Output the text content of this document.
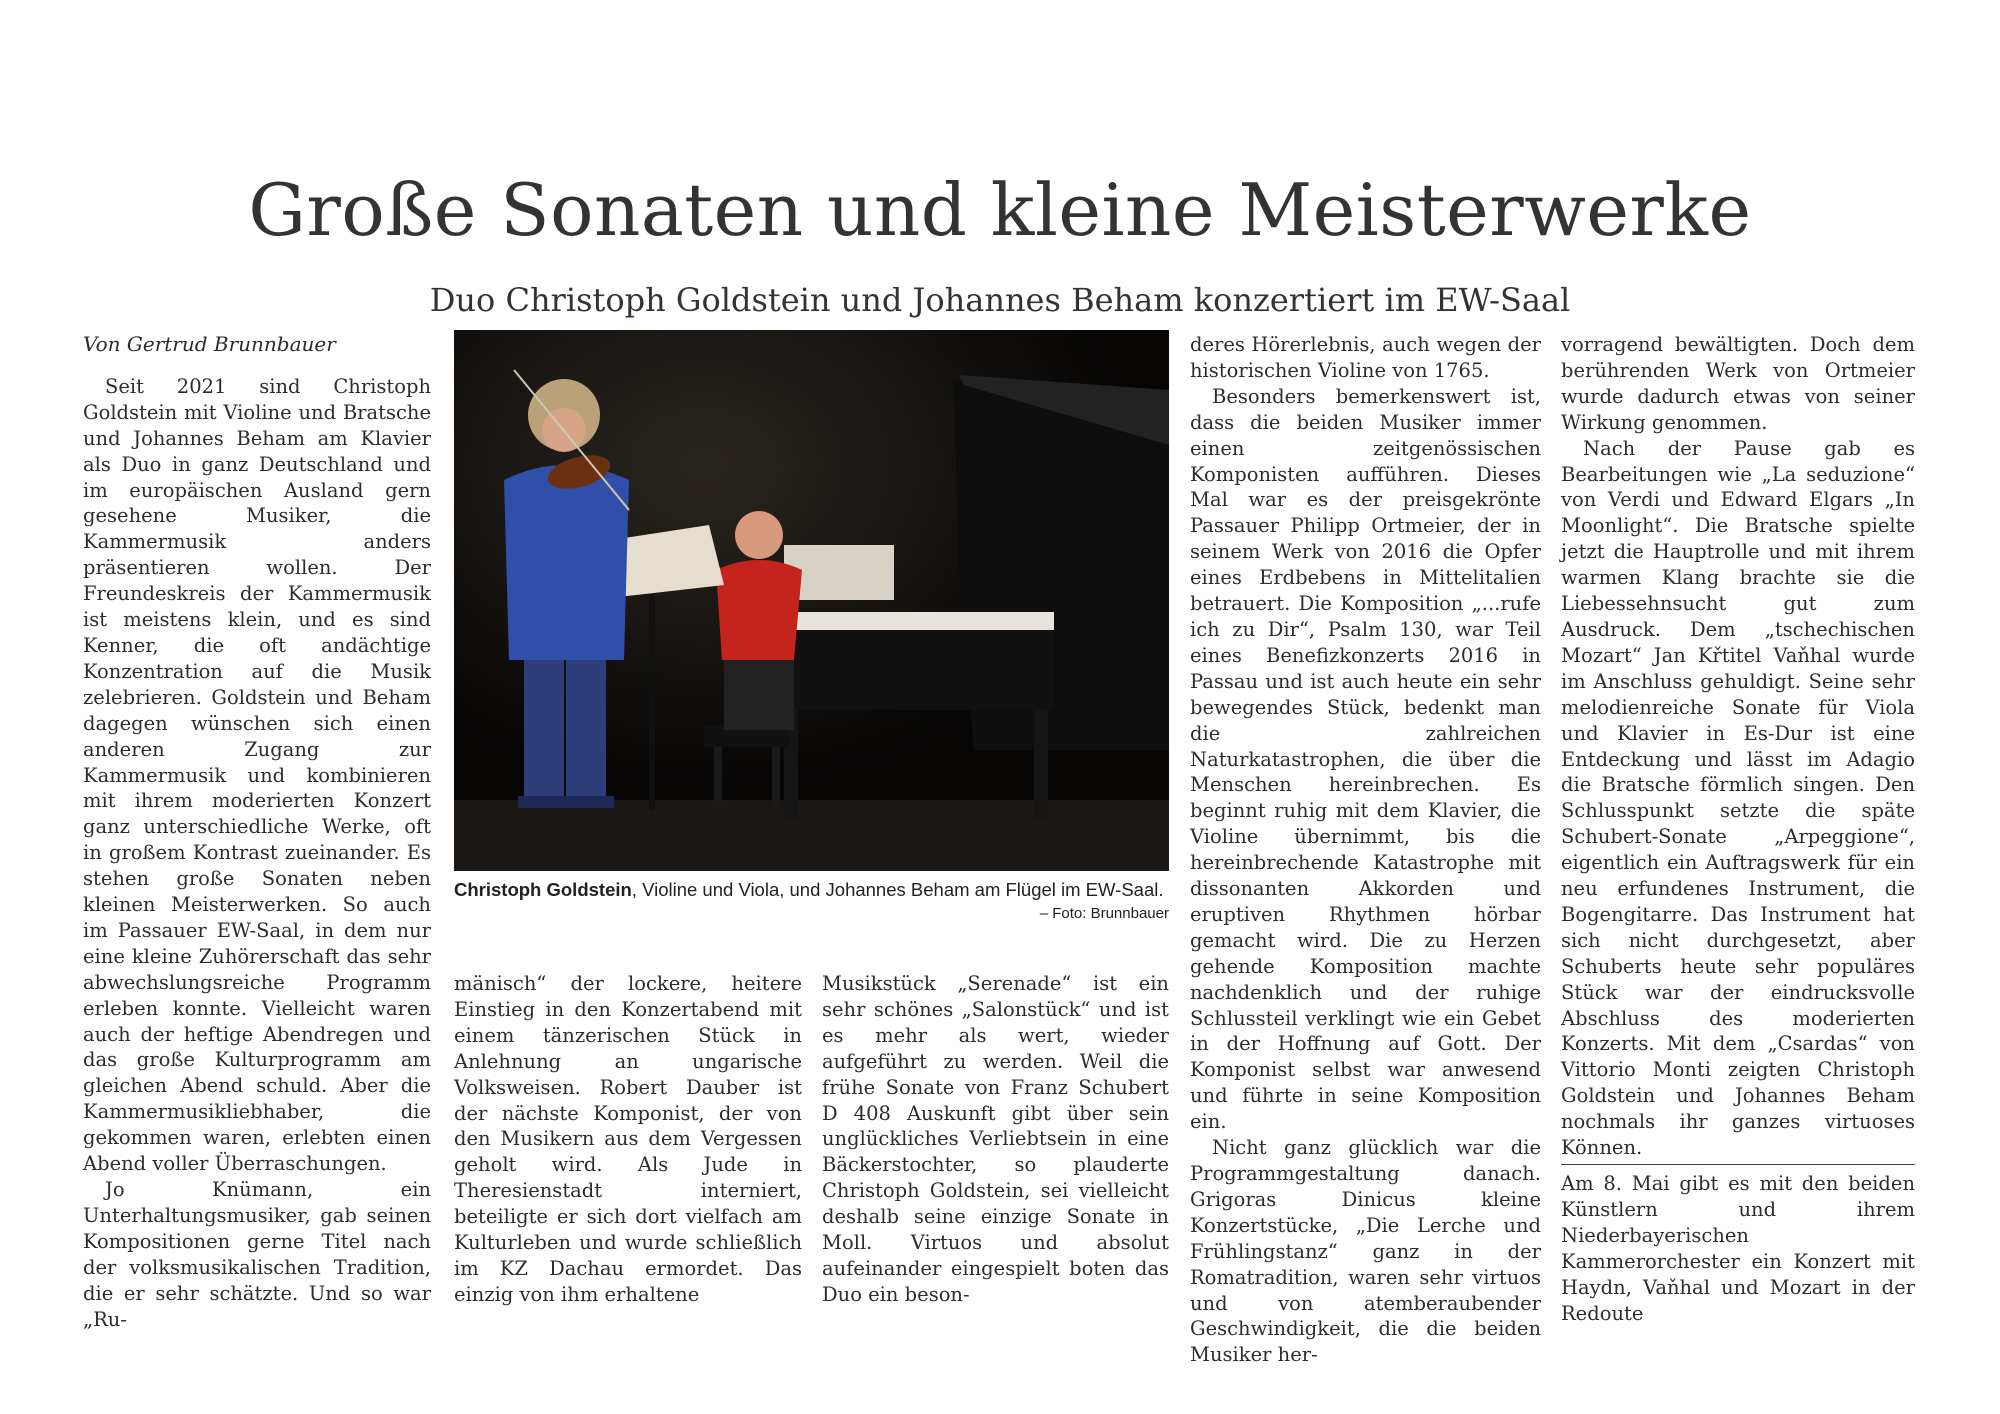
Große Sonaten und kleine Meisterwerke
Duo Christoph Goldstein und Johannes Beham konzertiert im EW-Saal

Von Gertrud Brunnbauer

Seit 2021 sind Christoph Goldstein mit Violine und Bratsche und Johannes Beham am Klavier als Duo in ganz Deutschland und im europäischen Ausland gern gesehene Musiker, die Kammermusik anders präsentieren wollen. Der Freundeskreis der Kammermusik ist meistens klein, und es sind Kenner, die oft andächtige Konzentration auf die Musik zelebrieren. Goldstein und Beham dagegen wünschen sich einen anderen Zugang zur Kammermusik und kombinieren mit ihrem moderierten Konzert ganz unterschiedliche Werke, oft in großem Kontrast zueinander. Es stehen große Sonaten neben kleinen Meisterwerken. So auch im Passauer EW-Saal, in dem nur eine kleine Zuhörerschaft das sehr abwechslungsreiche Programm erleben konnte. Vielleicht waren auch der heftige Abendregen und das große Kulturprogramm am gleichen Abend schuld. Aber die Kammermusikliebhaber, die gekommen waren, erlebten einen Abend voller Überraschungen.

Jo Knümann, ein Unterhaltungsmusiker, gab seinen Kompositionen gerne Titel nach der volksmusikalischen Tradition, die er sehr schätzte. Und so war „Ru-

Christoph Goldstein, Violine und Viola, und Johannes Beham am Flügel im EW-Saal.
– Foto: Brunnbauer

mänisch“ der lockere, heitere Einstieg in den Konzertabend mit einem tänzerischen Stück in Anlehnung an ungarische Volksweisen. Robert Dauber ist der nächste Komponist, der von den Musikern aus dem Vergessen geholt wird. Als Jude in Theresienstadt interniert, beteiligte er sich dort vielfach am Kulturleben und wurde schließlich im KZ Dachau ermordet. Das einzig von ihm erhaltene

Musikstück „Serenade“ ist ein sehr schönes „Salonstück“ und ist es mehr als wert, wieder aufgeführt zu werden. Weil die frühe Sonate von Franz Schubert D 408 Auskunft gibt über sein unglückliches Verliebtsein in eine Bäckerstochter, so plauderte Christoph Goldstein, sei vielleicht deshalb seine einzige Sonate in Moll. Virtuos und absolut aufeinander eingespielt boten das Duo ein beson-

deres Hörerlebnis, auch wegen der historischen Violine von 1765.

Besonders bemerkenswert ist, dass die beiden Musiker immer einen zeitgenössischen Komponisten aufführen. Dieses Mal war es der preisgekrönte Passauer Philipp Ortmeier, der in seinem Werk von 2016 die Opfer eines Erdbebens in Mittelitalien betrauert. Die Komposition „...rufe ich zu Dir“, Psalm 130, war Teil eines Benefizkonzerts 2016 in Passau und ist auch heute ein sehr bewegendes Stück, bedenkt man die zahlreichen Naturkatastrophen, die über die Menschen hereinbrechen. Es beginnt ruhig mit dem Klavier, die Violine übernimmt, bis die hereinbrechende Katastrophe mit dissonanten Akkorden und eruptiven Rhythmen hörbar gemacht wird. Die zu Herzen gehende Komposition machte nachdenklich und der ruhige Schlussteil verklingt wie ein Gebet in der Hoffnung auf Gott. Der Komponist selbst war anwesend und führte in seine Komposition ein.

Nicht ganz glücklich war die Programmgestaltung danach. Grigoras Dinicus kleine Konzertstücke, „Die Lerche und Frühlingstanz“ ganz in der Romatradition, waren sehr virtuos und von atemberaubender Geschwindigkeit, die die beiden Musiker her-

vorragend bewältigten. Doch dem berührenden Werk von Ortmeier wurde dadurch etwas von seiner Wirkung genommen.

Nach der Pause gab es Bearbeitungen wie „La seduzione“ von Verdi und Edward Elgars „In Moonlight“. Die Bratsche spielte jetzt die Hauptrolle und mit ihrem warmen Klang brachte sie die Liebessehnsucht gut zum Ausdruck. Dem „tschechischen Mozart“ Jan Křtitel Vaňhal wurde im Anschluss gehuldigt. Seine sehr melodienreiche Sonate für Viola und Klavier in Es-Dur ist eine Entdeckung und lässt im Adagio die Bratsche förmlich singen. Den Schlusspunkt setzte die späte Schubert-Sonate „Arpeggione“, eigentlich ein Auftragswerk für ein neu erfundenes Instrument, die Bogengitarre. Das Instrument hat sich nicht durchgesetzt, aber Schuberts heute sehr populäres Stück war der eindrucksvolle Abschluss des moderierten Konzerts. Mit dem „Csardas“ von Vittorio Monti zeigten Christoph Goldstein und Johannes Beham nochmals ihr ganzes virtuoses Können.

Am 8. Mai gibt es mit den beiden Künstlern und ihrem Niederbayerischen Kammerorchester ein Konzert mit Haydn, Vaňhal und Mozart in der Redoute
